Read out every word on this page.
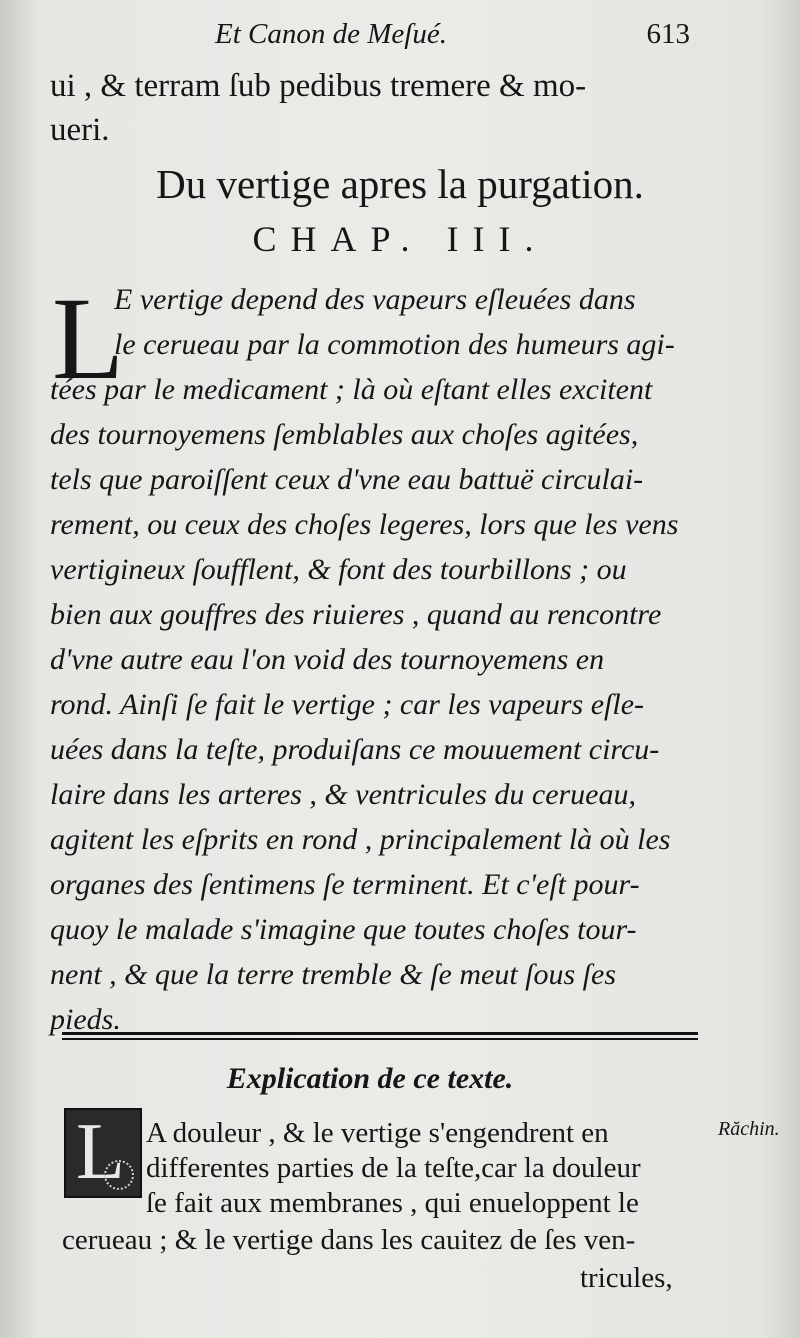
Et Canon de Meſué.	613
ui , & terram ſub pedibus tremere & mo-
ueri.
Du vertige apres la purgation.
CHAP. III.
L
E vertige depend des vapeurs eſleuées dans
le cerueau par la commotion des humeurs agi-
tées par le medicament ; là où eſtant elles excitent
des tournoyemens ſemblables aux choſes agitées,
tels que paroiſſent ceux d'vne eau battuë circulai-
rement, ou ceux des choſes legeres, lors que les vens
vertigineux ſoufflent, & font des tourbillons ; ou
bien aux gouffres des riuieres , quand au rencontre
d'vne autre eau l'on void des tournoyemens en
rond. Ainſi ſe fait le vertige ; car les vapeurs eſle-
uées dans la teſte, produiſans ce mouuement circu-
laire dans les arteres , & ventricules du cerueau,
agitent les eſprits en rond , principalement là où les
organes des ſentimens ſe terminent. Et c'eſt pour-
quoy le malade s'imagine que toutes choſes tour-
nent , & que la terre tremble & ſe meut ſous ſes
pieds.
Explication de ce texte.
L	Răchin.
A douleur , & le vertige s'engendrent en
differentes parties de la teſte,car la douleur
ſe fait aux membranes , qui enueloppent le
cerueau ; & le vertige dans les cauitez de ſes ven-
tricules,
